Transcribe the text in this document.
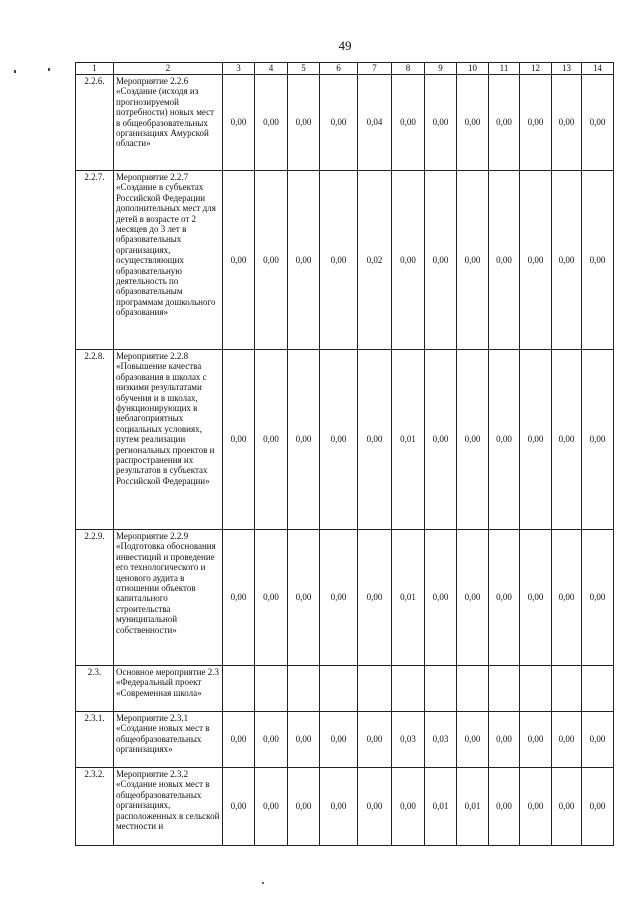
49
1	2	3	4	5	6	7	8	9	10	11	12	13	14
2.2.6.	Мероприятие 2.2.6 «Создание (исходя из прогнозируемой потребности) новых мест в общеобразовательных организациях Амурской области»	0,00	0,00	0,00	0,00	0,04	0,00	0,00	0,00	0,00	0,00	0,00	0,00
2.2.7.	Мероприятие 2.2.7 «Создание в субъектах Российской Федерации дополнительных мест для детей в возрасте от 2 месяцев до 3 лет в образовательных организациях, осуществляющих образовательную деятельность по образовательным программам дошкольного образования»	0,00	0,00	0,00	0,00	0,02	0,00	0,00	0,00	0,00	0,00	0,00	0,00
2.2.8.	Мероприятие 2.2.8 «Повышение качества образования в школах с низкими результатами обучения и в школах, функционирующих в неблагоприятных социальных условиях, путем реализации региональных проектов и распространения их результатов в субъектах Российской Федерации»	0,00	0,00	0,00	0,00	0,00	0,01	0,00	0,00	0,00	0,00	0,00	0,00
2.2.9.	Мероприятие 2.2.9 «Подготовка обоснования инвестиций и проведение его технологического и ценового аудита в отношении объектов капитального строительства муниципальной собственности»	0,00	0,00	0,00	0,00	0,00	0,01	0,00	0,00	0,00	0,00	0,00	0,00
2.3.	Основное мероприятие 2.3 «Федеральный проект «Современная школа»												
2.3.1.	Мероприятие 2.3.1 «Создание новых мест в общеобразовательных организациях»	0,00	0,00	0,00	0,00	0,00	0,03	0,03	0,00	0,00	0,00	0,00	0,00
2.3.2.	Мероприятие 2.3.2 «Создание новых мест в общеобразовательных организациях, расположенных в сельской местности и	0,00	0,00	0,00	0,00	0,00	0,00	0,01	0,01	0,00	0,00	0,00	0,00
